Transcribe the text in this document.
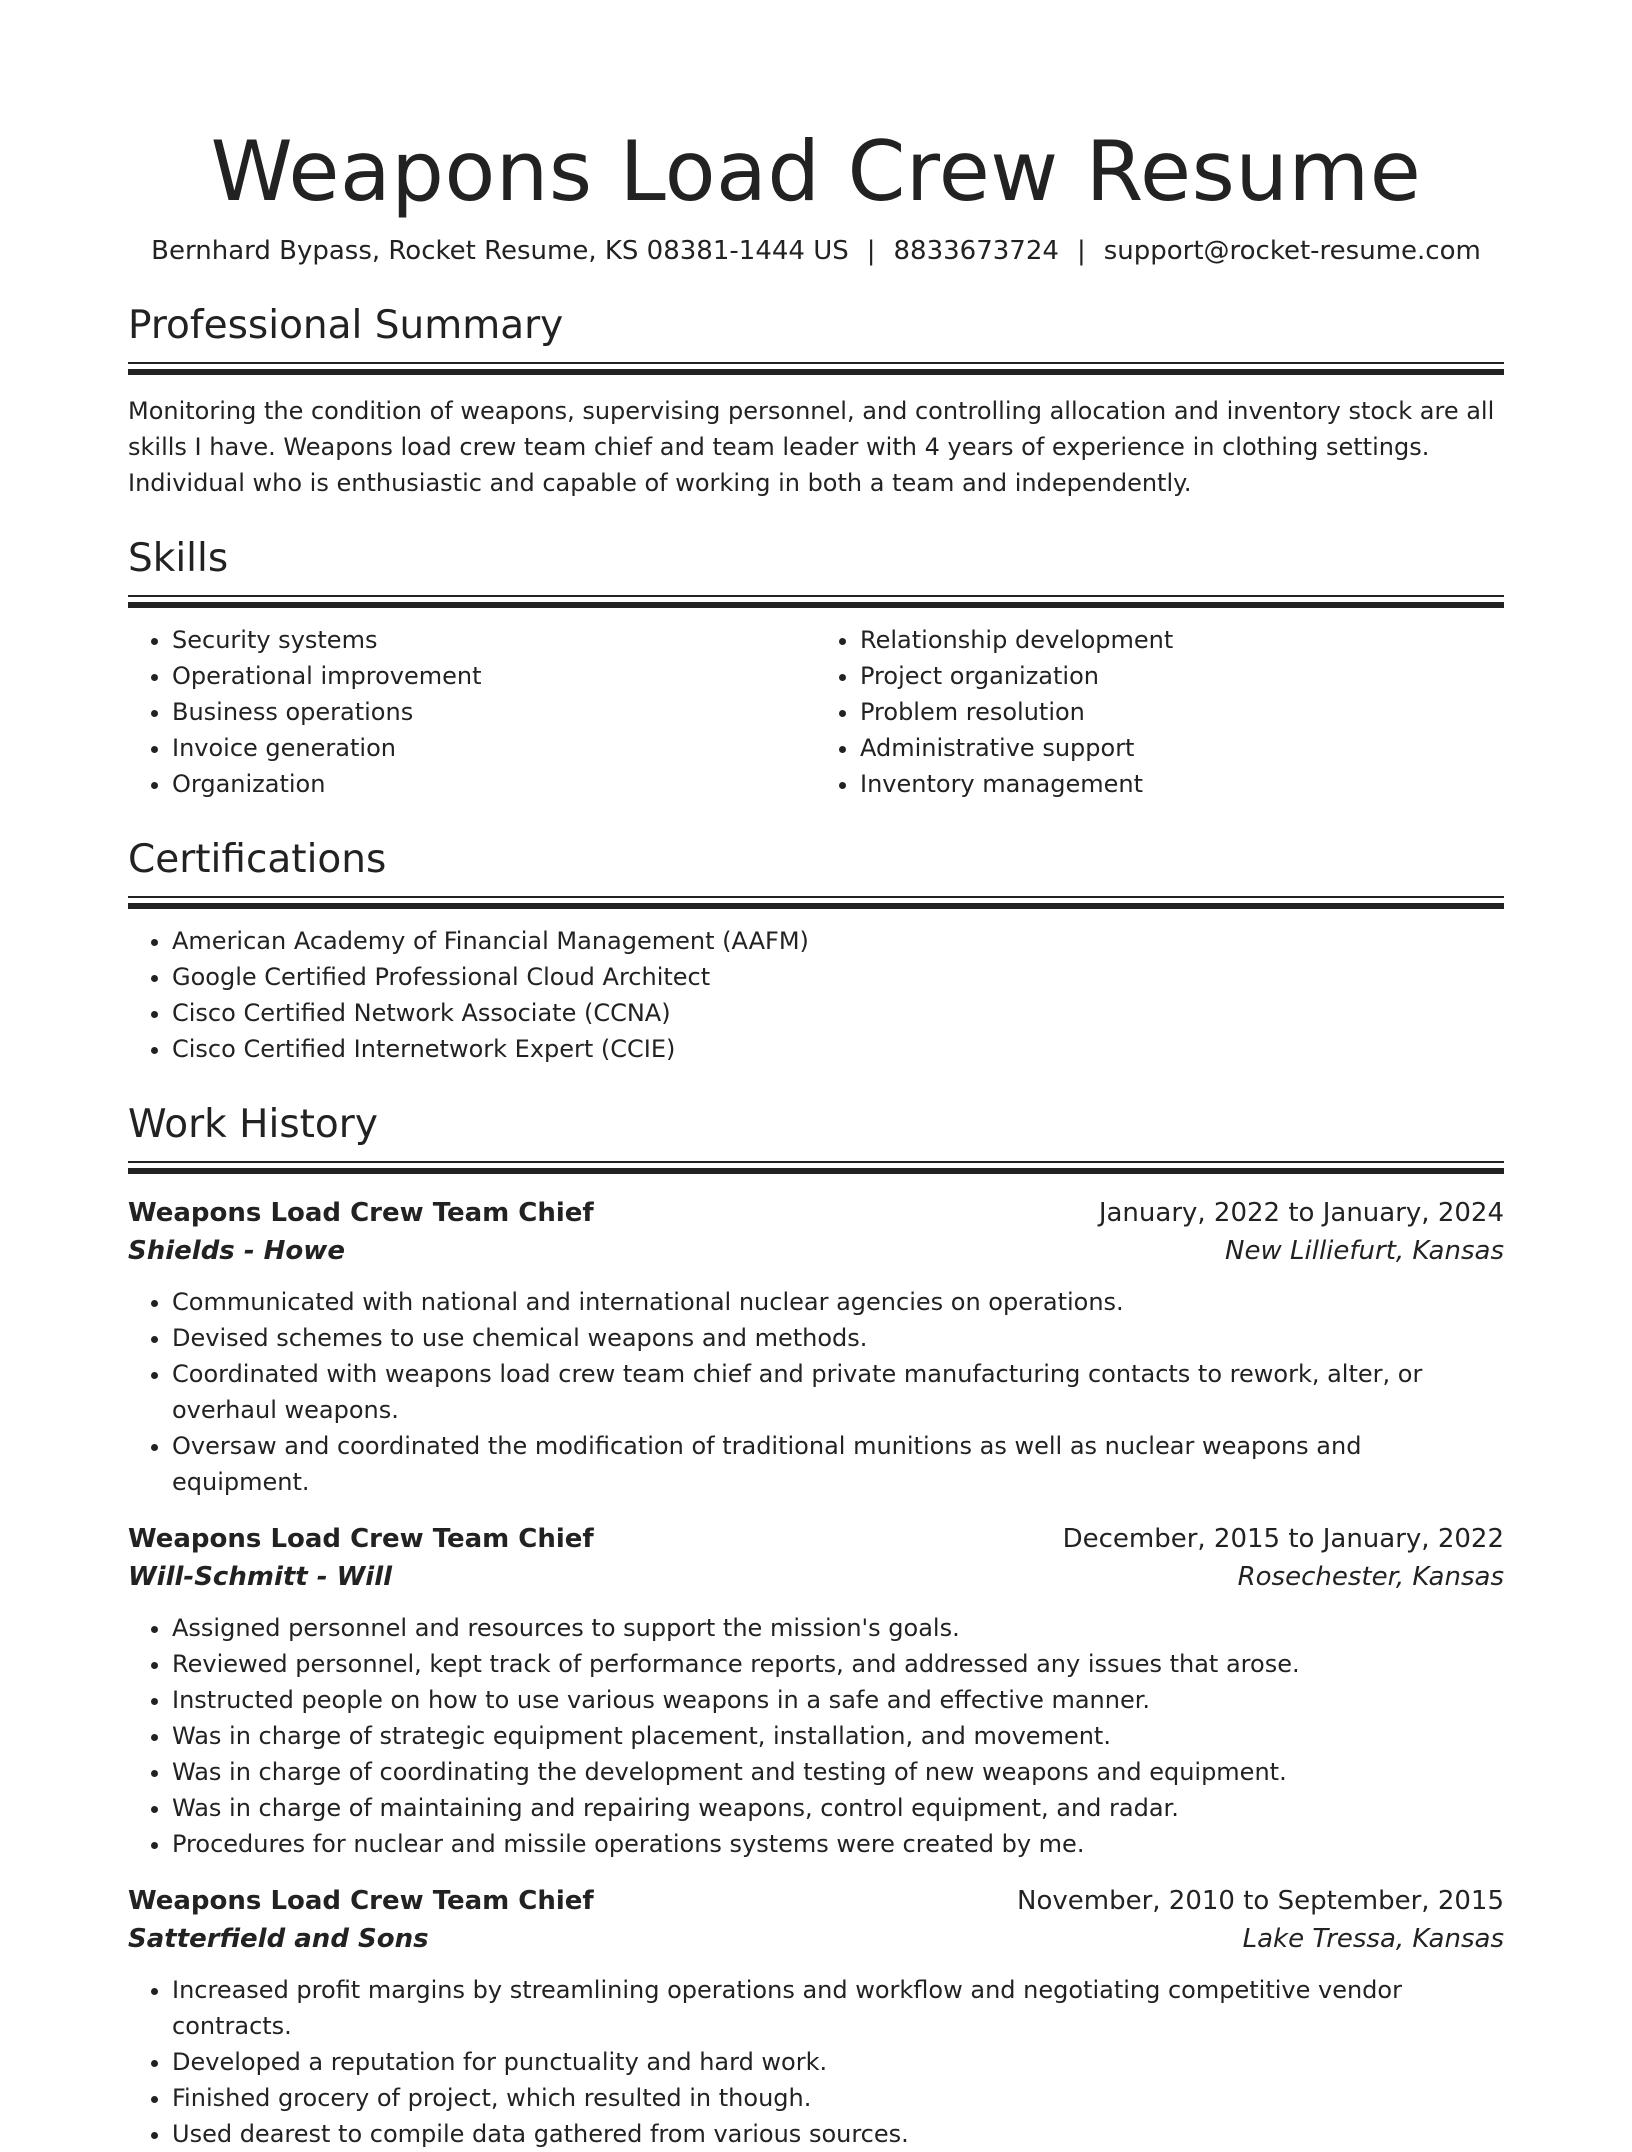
Weapons Load Crew Resume
Bernhard Bypass, Rocket Resume, KS 08381-1444 US | 8833673724 | support@rocket-resume.com
Professional Summary

Monitoring the condition of weapons, supervising personnel, and controlling allocation and inventory stock are all skills I have. Weapons load crew team chief and team leader with 4 years of experience in clothing settings. Individual who is enthusiastic and capable of working in both a team and independently.

Skills
• Security systems
• Operational improvement
• Business operations
• Invoice generation
• Organization
• Relationship development
• Project organization
• Problem resolution
• Administrative support
• Inventory management
Certifications
• American Academy of Financial Management (AAFM)
• Google Certified Professional Cloud Architect
• Cisco Certified Network Associate (CCNA)
• Cisco Certified Internetwork Expert (CCIE)
Work History
Weapons Load Crew Team Chief	January, 2022 to January, 2024
Shields - Howe	New Lilliefurt, Kansas
• Communicated with national and international nuclear agencies on operations.
• Devised schemes to use chemical weapons and methods.
• Coordinated with weapons load crew team chief and private manufacturing contacts to rework, alter, or overhaul weapons.
• Oversaw and coordinated the modification of traditional munitions as well as nuclear weapons and equipment.
Weapons Load Crew Team Chief	December, 2015 to January, 2022
Will-Schmitt - Will	Rosechester, Kansas
• Assigned personnel and resources to support the mission's goals.
• Reviewed personnel, kept track of performance reports, and addressed any issues that arose.
• Instructed people on how to use various weapons in a safe and effective manner.
• Was in charge of strategic equipment placement, installation, and movement.
• Was in charge of coordinating the development and testing of new weapons and equipment.
• Was in charge of maintaining and repairing weapons, control equipment, and radar.
• Procedures for nuclear and missile operations systems were created by me.
Weapons Load Crew Team Chief	November, 2010 to September, 2015
Satterfield and Sons	Lake Tressa, Kansas
• Increased profit margins by streamlining operations and workflow and negotiating competitive vendor contracts.
• Developed a reputation for punctuality and hard work.
• Finished grocery of project, which resulted in though.
• Used dearest to compile data gathered from various sources.
